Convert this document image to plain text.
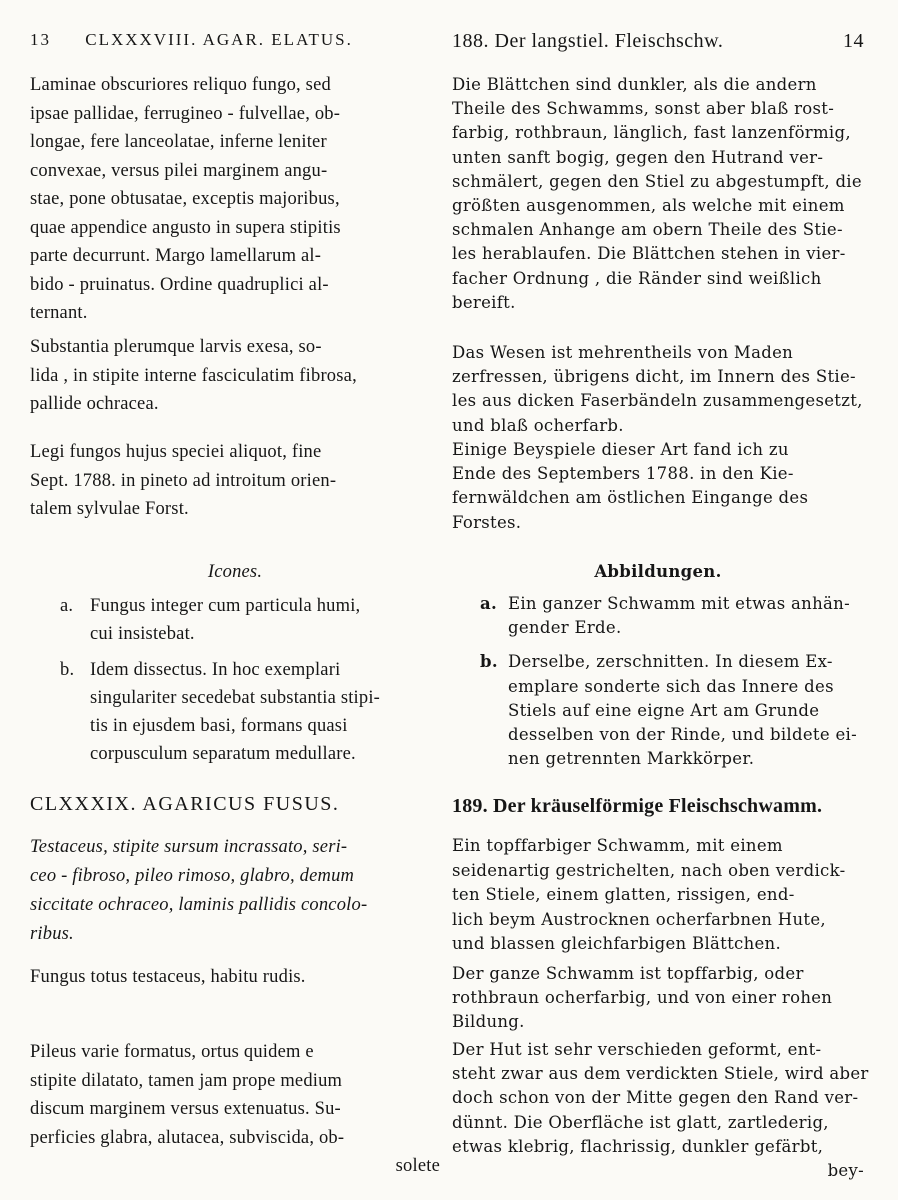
13 CLXXXVIII. AGAR. ELATUS.
Laminae obscuriores reliquo fungo, sed
ipsae pallidae, ferrugineo - fulvellae, ob-
longae, fere lanceolatae, inferne leniter
convexae, versus pilei marginem angu-
stae, pone obtusatae, exceptis majoribus,
quae appendice angusto in supera stipitis
parte decurrunt. Margo lamellarum al-
bido - pruinatus. Ordine quadruplici al-
ternant.
Substantia plerumque larvis exesa, so-
lida , in stipite interne fasciculatim fibrosa,
pallide ochracea.
Legi fungos hujus speciei aliquot, fine
Sept. 1788. in pineto ad introitum orien-
talem sylvulae Forst.
Icones.
a. Fungus integer cum particula humi,
cui insistebat.
b. Idem dissectus. In hoc exemplari
singulariter secedebat substantia stipi-
tis in ejusdem basi, formans quasi
corpusculum separatum medullare.
CLXXXIX. AGARICUS FUSUS.
Testaceus, stipite sursum incrassato, seri-
ceo - fibroso, pileo rimoso, glabro, demum
siccitate ochraceo, laminis pallidis concolo-
ribus.
Fungus totus testaceus, habitu rudis.
Pileus varie formatus, ortus quidem e
stipite dilatato, tamen jam prope medium
discum marginem versus extenuatus. Su-
perficies glabra, alutacea, subviscida, ob-
solete
188. Der langstiel. Fleischschw.	14
Die Blättchen sind dunkler, als die andern
Theile des Schwamms, sonst aber blaß rost-
farbig, rothbraun, länglich, fast lanzenförmig,
unten sanft bogig, gegen den Hutrand ver-
schmälert, gegen den Stiel zu abgestumpft, die
größten ausgenommen, als welche mit einem
schmalen Anhange am obern Theile des Stie-
les herablaufen. Die Blättchen stehen in vier-
facher Ordnung , die Ränder sind weißlich
bereift.
Das Wesen ist mehrentheils von Maden
zerfressen, übrigens dicht, im Innern des Stie-
les aus dicken Faserbändeln zusammengesetzt,
und blaß ocherfarb.
Einige Beyspiele dieser Art fand ich zu
Ende des Septembers 1788. in den Kie-
fernwäldchen am östlichen Eingange des
Forstes.
Abbildungen.
a. Ein ganzer Schwamm mit etwas anhän-
gender Erde.
b. Derselbe, zerschnitten. In diesem Ex-
emplare sonderte sich das Innere des
Stiels auf eine eigne Art am Grunde
desselben von der Rinde, und bildete ei-
nen getrennten Markkörper.
189. Der kräuselförmige Fleischschwamm.
Ein topffarbiger Schwamm, mit einem
seidenartig gestrichelten, nach oben verdick-
ten Stiele, einem glatten, rissigen, end-
lich beym Austrocknen ocherfarbnen Hute,
und blassen gleichfarbigen Blättchen.
Der ganze Schwamm ist topffarbig, oder
rothbraun ocherfarbig, und von einer rohen
Bildung.
Der Hut ist sehr verschieden geformt, ent-
steht zwar aus dem verdickten Stiele, wird aber
doch schon von der Mitte gegen den Rand ver-
dünnt. Die Oberfläche ist glatt, zartlederig,
etwas klebrig, flachrissig, dunkler gefärbt,
bey-
